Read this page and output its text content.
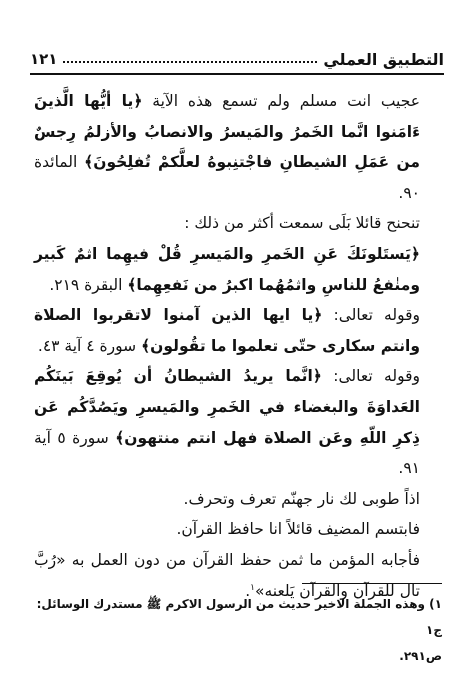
التطبيق العملي
١٢١

عجيب انت مسلم ولم تسمع هذه الآية ﴿يا أيُّها الَّذينَ ءَامَنوا انَّما الخَمرُ والمَيسرُ والانصابُ والأزلمُ رِجسٌ من عَمَلِ الشيطانِ فاجْتنِبوهُ لعلَّكمْ تُفلِحُونَ﴾ المائدة ٩٠.

تنحنح قائلا بَلَى سمعت أكثر من ذلك :

﴿يَستَلونَكَ عَنِ الخَمرِ والمَيسرِ قُلْ فيهِما اثمٌ كَبير ومنٰفعُ للناسِ واثمُهُما اكبرُ من نَفعِهِما﴾ البقرة ٢١٩.

وقوله تعالى: ﴿يا ايها الذين آمنوا لاتقربوا الصلاة وانتم سكارى حتّى تعلموا ما تقُولون﴾ سورة ٤ آية ٤٣.

وقوله تعالى: ﴿انَّما يريدُ الشيطانُ أن يُوقِعَ بَينَكُم العَداوَةَ والبغضاء في الخَمرِ والمَيسرِ ويَصُدَّكُم عَن ذِكرِ اللّهِ وعَن الصلاة فهل انتم منتهون﴾ سورة ٥ آية ٩١.

اذاً طوبى لك نار جهنّم تعرف وتحرف.

فابتسم المضيف قائلاً انا حافظ القرآن.

فأجابه المؤمن ما ثمن حفظ القرآن من دون العمل به «رُبَّ تال للقرآن والقرآن يَلعنه»$^١$.

١) وهذه الجملة الاخير حديث من الرسول الاكرم ﷺ مستدرك الوسائل: ج١

ص٢٩١.
